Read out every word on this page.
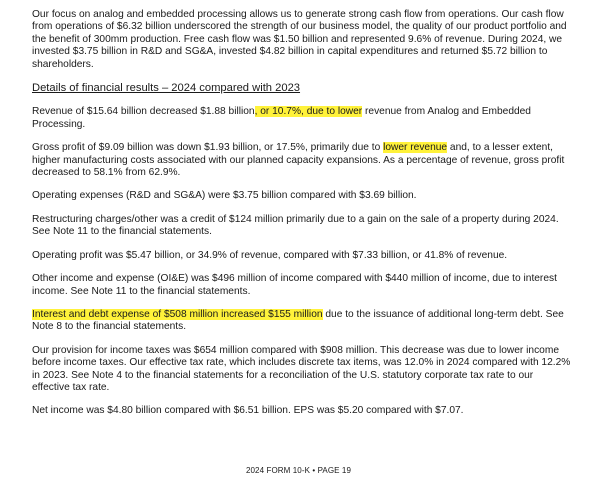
Our focus on analog and embedded processing allows us to generate strong cash flow from operations. Our cash flow from operations of $6.32 billion underscored the strength of our business model, the quality of our product portfolio and the benefit of 300mm production. Free cash flow was $1.50 billion and represented 9.6% of revenue. During 2024, we invested $3.75 billion in R&D and SG&A, invested $4.82 billion in capital expenditures and returned $5.72 billion to shareholders.

Details of financial results – 2024 compared with 2023

Revenue of $15.64 billion decreased $1.88 billion, or 10.7%, due to lower revenue from Analog and Embedded Processing.

Gross profit of $9.09 billion was down $1.93 billion, or 17.5%, primarily due to lower revenue and, to a lesser extent, higher manufacturing costs associated with our planned capacity expansions. As a percentage of revenue, gross profit decreased to 58.1% from 62.9%.

Operating expenses (R&D and SG&A) were $3.75 billion compared with $3.69 billion.

Restructuring charges/other was a credit of $124 million primarily due to a gain on the sale of a property during 2024. See Note 11 to the financial statements.

Operating profit was $5.47 billion, or 34.9% of revenue, compared with $7.33 billion, or 41.8% of revenue.

Other income and expense (OI&E) was $496 million of income compared with $440 million of income, due to interest income. See Note 11 to the financial statements.

Interest and debt expense of $508 million increased $155 million due to the issuance of additional long-term debt. See Note 8 to the financial statements.

Our provision for income taxes was $654 million compared with $908 million. This decrease was due to lower income before income taxes. Our effective tax rate, which includes discrete tax items, was 12.0% in 2024 compared with 12.2% in 2023. See Note 4 to the financial statements for a reconciliation of the U.S. statutory corporate tax rate to our effective tax rate.

Net income was $4.80 billion compared with $6.51 billion. EPS was $5.20 compared with $7.07.

2024 FORM 10-K • PAGE 19
